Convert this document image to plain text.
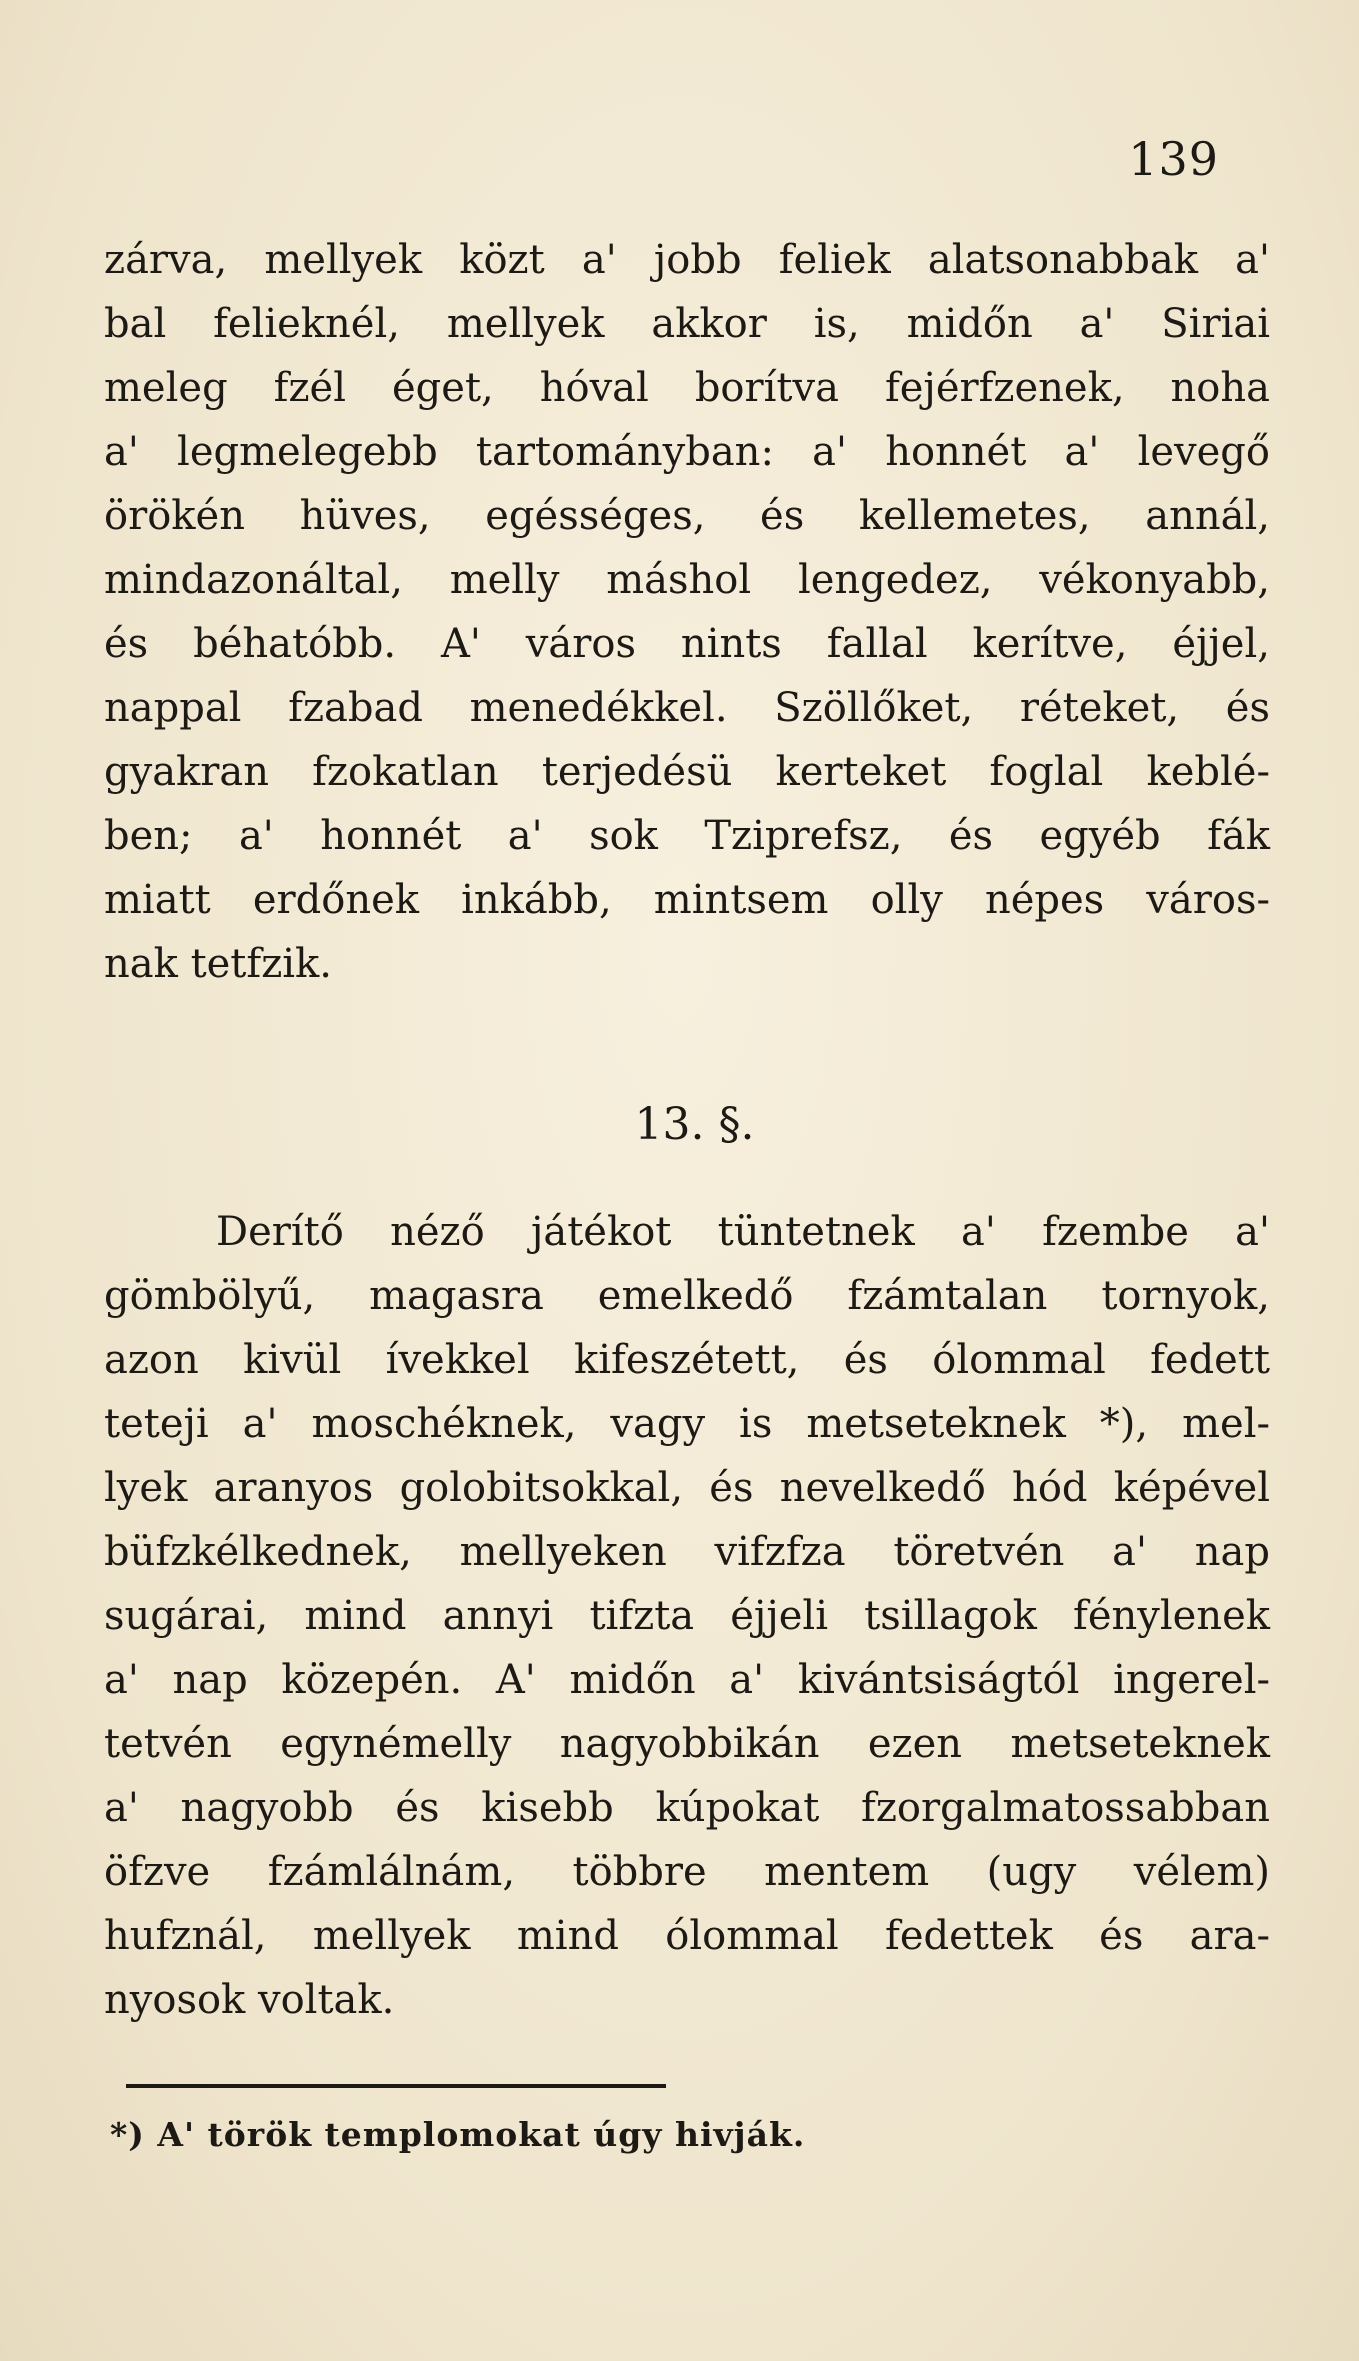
139
zárva, mellyek közt a' jobb feliek alatsonabbak a'
bal felieknél, mellyek akkor is, midőn a' Siriai
meleg fzél éget, hóval borítva fejérfzenek, noha
a' legmelegebb tartományban: a' honnét a' levegő
örökén hüves, egésséges, és kellemetes, annál,
mindazonáltal, melly máshol lengedez, vékonyabb,
és béhatóbb. A' város nints fallal kerítve, éjjel,
nappal fzabad menedékkel. Szöllőket, réteket, és
gyakran fzokatlan terjedésü kerteket foglal keblé-
ben; a' honnét a' sok Tziprefsz, és egyéb fák
miatt erdőnek inkább, mintsem olly népes város-
nak tetfzik.
13. §.
Derítő néző játékot tüntetnek a' fzembe a'
gömbölyű, magasra emelkedő fzámtalan tornyok,
azon kivül ívekkel kifeszétett, és ólommal fedett
teteji a' moschéknek, vagy is metseteknek *), mel-
lyek aranyos golobitsokkal, és nevelkedő hód képével
büfzkélkednek, mellyeken vifzfza töretvén a' nap
sugárai, mind annyi tifzta éjjeli tsillagok fénylenek
a' nap közepén. A' midőn a' kivántsiságtól ingerel-
tetvén egynémelly nagyobbikán ezen metseteknek
a' nagyobb és kisebb kúpokat fzorgalmatossabban
öfzve fzámlálnám, többre mentem (ugy vélem)
hufznál, mellyek mind ólommal fedettek és ara-
nyosok voltak.
*) A' török templomokat úgy hivják.
